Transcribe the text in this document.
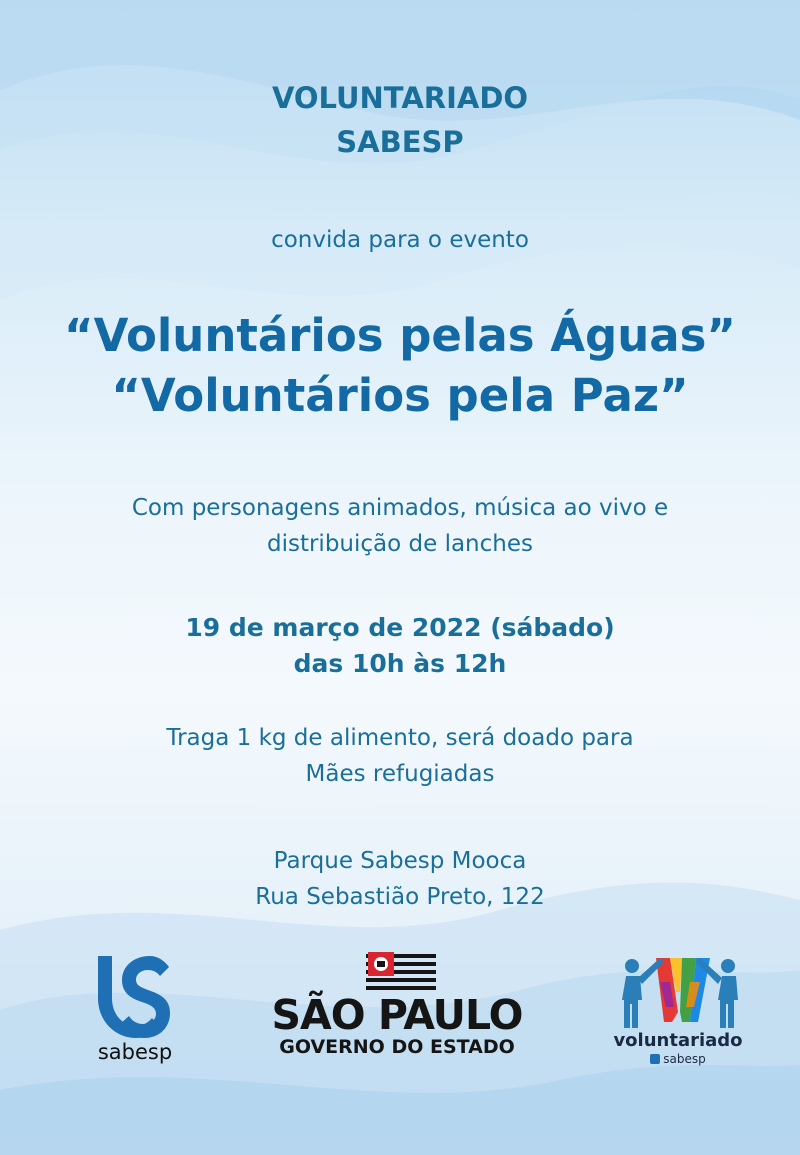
VOLUNTARIADO
SABESP
convida para o evento
“Voluntários pelas Águas”
“Voluntários pela Paz”
Com personagens animados, música ao vivo e
distribuição de lanches
19 de março de 2022 (sábado)
das 10h às 12h
Traga 1 kg de alimento, será doado para
Mães refugiadas
Parque Sabesp Mooca
Rua Sebastião Preto, 122
sabesp
SÃO PAULO
GOVERNO DO ESTADO	voluntariado
sabesp
